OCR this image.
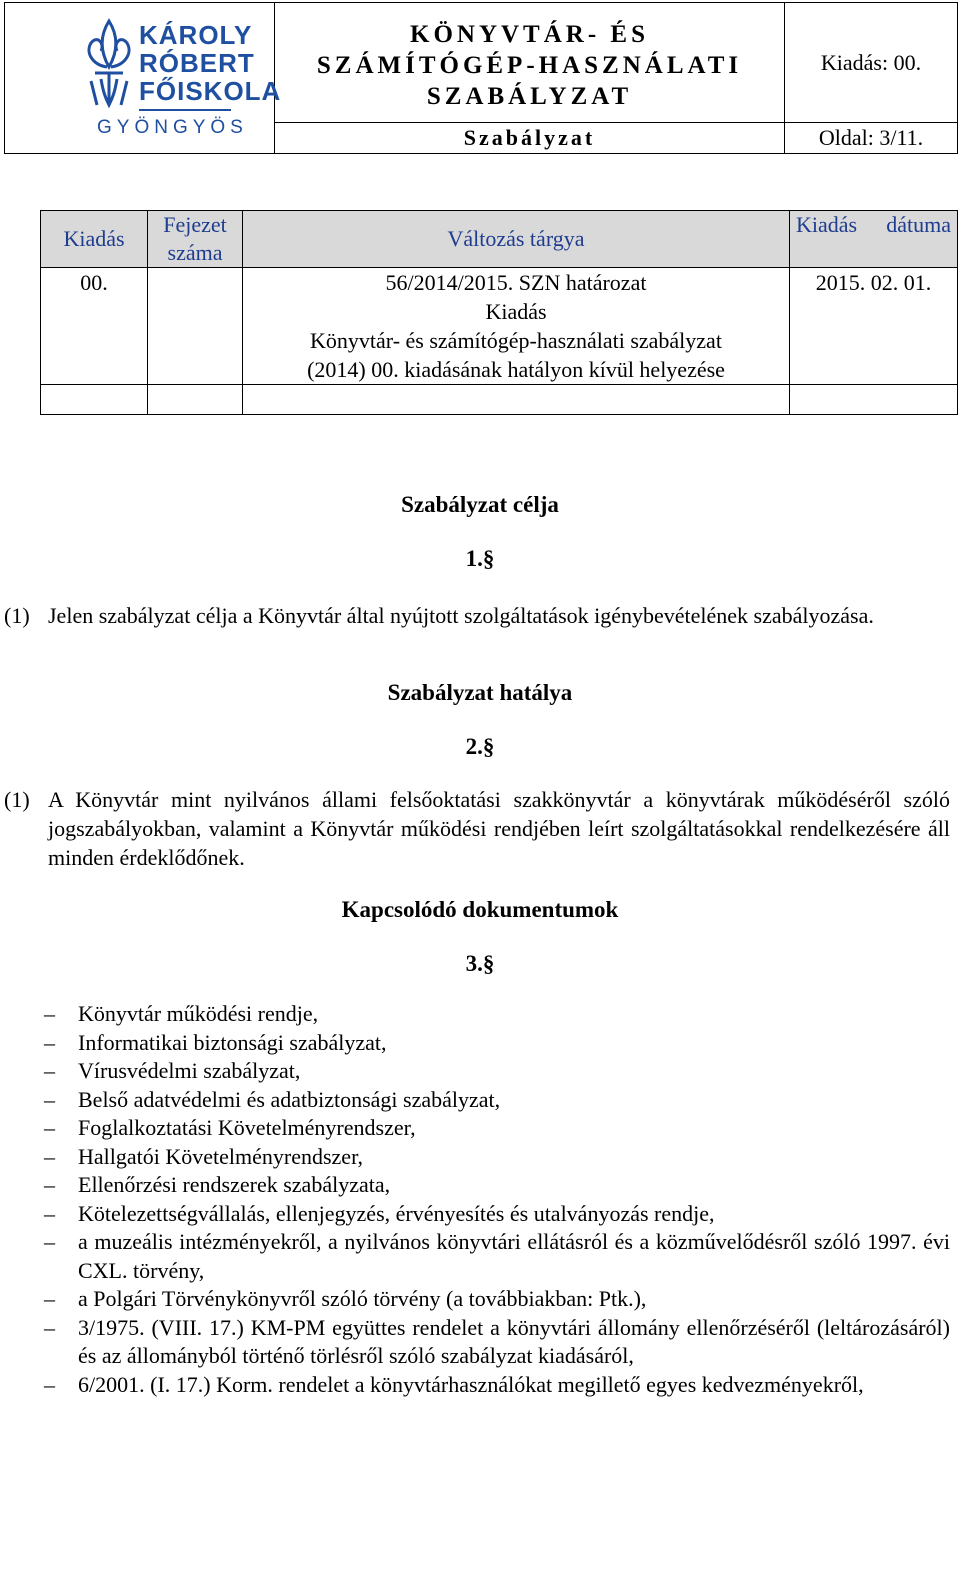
KÁROLY
RÓBERT
FŐISKOLA
GYÖNGYÖS
KÖNYVTÁR- ÉS
SZÁMÍTÓGÉP-HASZNÁLATI
SZABÁLYZAT
Kiadás: 00.
Szabályzat	Oldal: 3/11.
Kiadás	Fejezet száma	Változás tárgya	Kiadás dátuma
00.		56/2014/2015. SZN határozat
Kiadás
Könyvtár- és számítógép-használati szabályzat
(2014) 00. kiadásának hatályon kívül helyezése	2015. 02. 01.

Szabályzat célja
1.§
(1) Jelen szabályzat célja a Könyvtár által nyújtott szolgáltatások igénybevételének szabályozása.
Szabályzat hatálya
2.§
(1) A Könyvtár mint nyilvános állami felsőoktatási szakkönyvtár a könyvtárak működéséről szóló jogszabályokban, valamint a Könyvtár működési rendjében leírt szolgáltatásokkal rendelkezésére áll minden érdeklődőnek.
Kapcsolódó dokumentumok
3.§
– Könyvtár működési rendje,
– Informatikai biztonsági szabályzat,
– Vírusvédelmi szabályzat,
– Belső adatvédelmi és adatbiztonsági szabályzat,
– Foglalkoztatási Követelményrendszer,
– Hallgatói Követelményrendszer,
– Ellenőrzési rendszerek szabályzata,
– Kötelezettségvállalás, ellenjegyzés, érvényesítés és utalványozás rendje,
– a muzeális intézményekről, a nyilvános könyvtári ellátásról és a közművelődésről szóló 1997. évi CXL. törvény,
– a Polgári Törvénykönyvről szóló törvény (a továbbiakban: Ptk.),
– 3/1975. (VIII. 17.) KM-PM együttes rendelet a könyvtári állomány ellenőrzéséről (leltározásáról) és az állományból történő törlésről szóló szabályzat kiadásáról,
– 6/2001. (I. 17.) Korm. rendelet a könyvtárhasználókat megillető egyes kedvezményekről,
